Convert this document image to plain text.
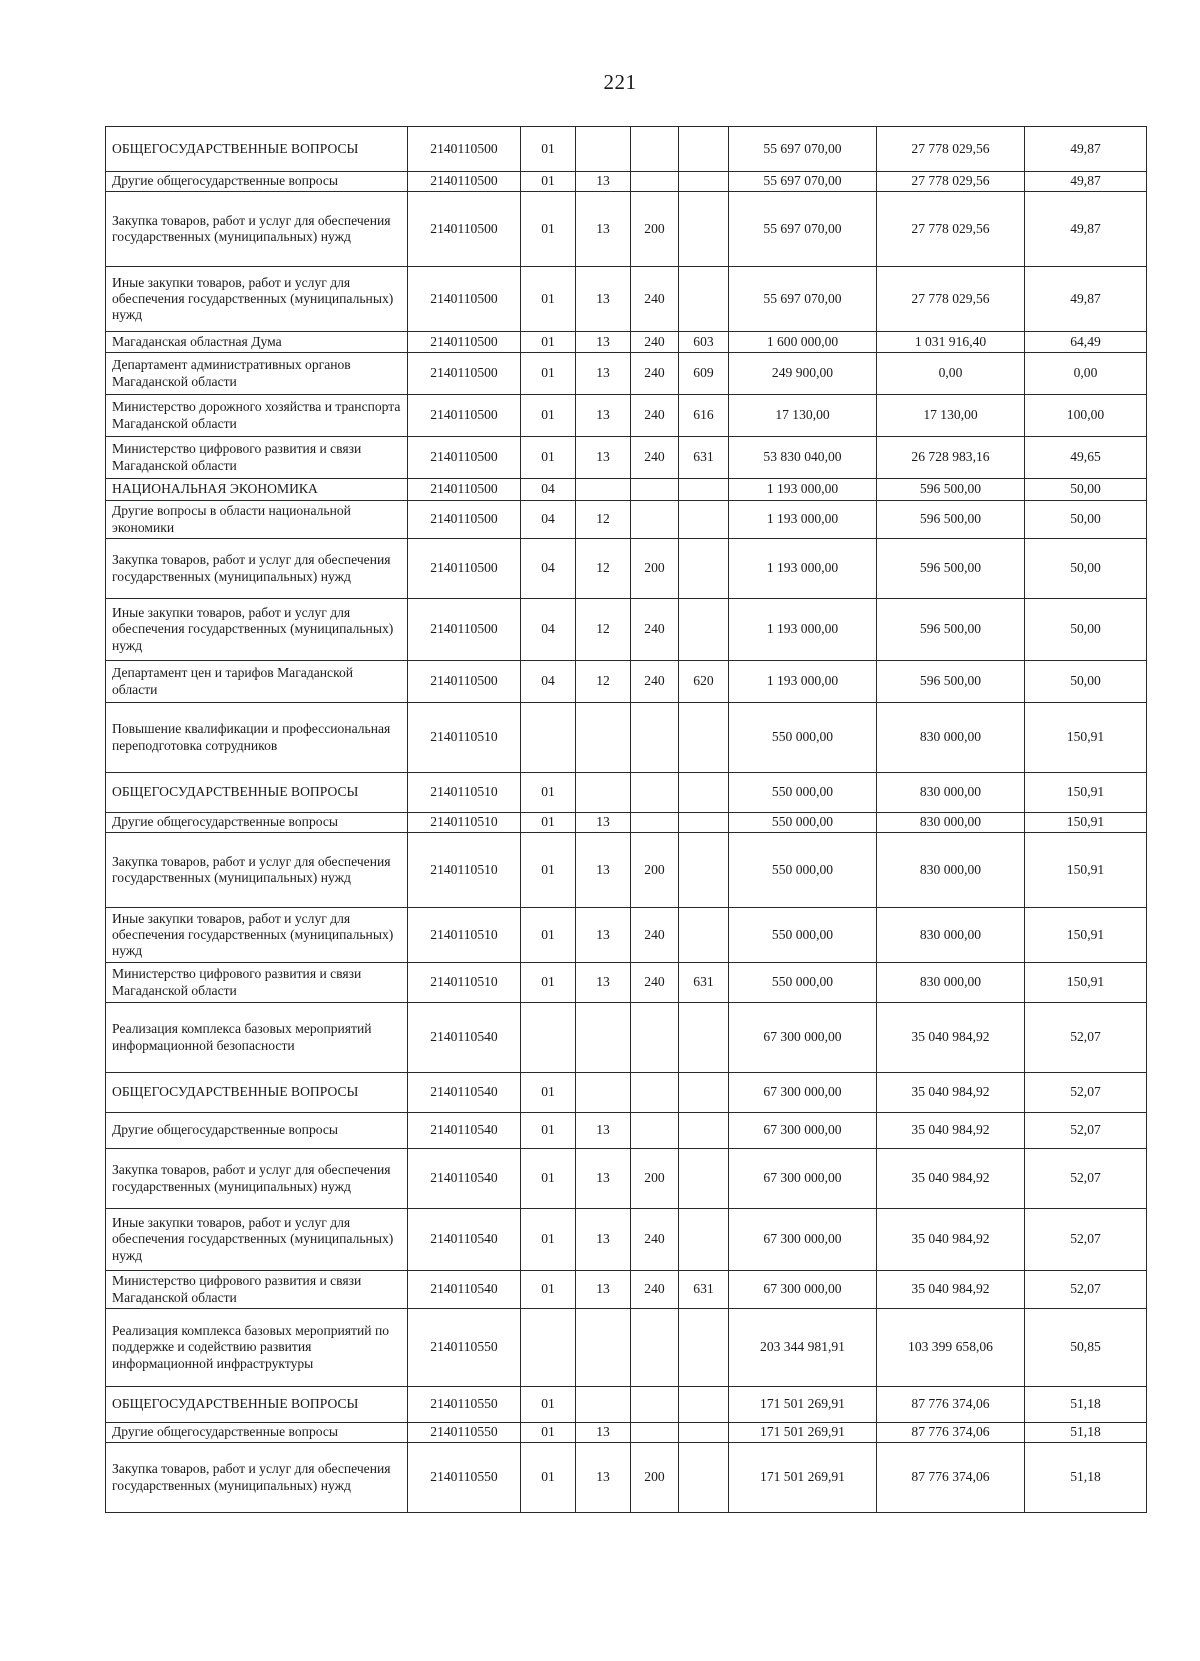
221
ОБЩЕГОСУДАРСТВЕННЫЕ ВОПРОСЫ	2140110500	01				55 697 070,00	27 778 029,56	49,87
Другие общегосударственные вопросы	2140110500	01	13			55 697 070,00	27 778 029,56	49,87
Закупка товаров, работ и услуг для обеспечения государственных (муниципальных) нужд	2140110500	01	13	200		55 697 070,00	27 778 029,56	49,87
Иные закупки товаров, работ и услуг для обеспечения государственных (муниципальных) нужд	2140110500	01	13	240		55 697 070,00	27 778 029,56	49,87
Магаданская областная Дума	2140110500	01	13	240	603	1 600 000,00	1 031 916,40	64,49
Департамент административных органов Магаданской области	2140110500	01	13	240	609	249 900,00	0,00	0,00
Министерство дорожного хозяйства и транспорта Магаданской области	2140110500	01	13	240	616	17 130,00	17 130,00	100,00
Министерство цифрового развития и связи Магаданской области	2140110500	01	13	240	631	53 830 040,00	26 728 983,16	49,65
НАЦИОНАЛЬНАЯ ЭКОНОМИКА	2140110500	04				1 193 000,00	596 500,00	50,00
Другие вопросы в области национальной экономики	2140110500	04	12			1 193 000,00	596 500,00	50,00
Закупка товаров, работ и услуг для обеспечения государственных (муниципальных) нужд	2140110500	04	12	200		1 193 000,00	596 500,00	50,00
Иные закупки товаров, работ и услуг для обеспечения государственных (муниципальных) нужд	2140110500	04	12	240		1 193 000,00	596 500,00	50,00
Департамент цен и тарифов Магаданской области	2140110500	04	12	240	620	1 193 000,00	596 500,00	50,00
Повышение квалификации и профессиональная переподготовка сотрудников	2140110510					550 000,00	830 000,00	150,91
ОБЩЕГОСУДАРСТВЕННЫЕ ВОПРОСЫ	2140110510	01				550 000,00	830 000,00	150,91
Другие общегосударственные вопросы	2140110510	01	13			550 000,00	830 000,00	150,91
Закупка товаров, работ и услуг для обеспечения государственных (муниципальных) нужд	2140110510	01	13	200		550 000,00	830 000,00	150,91
Иные закупки товаров, работ и услуг для обеспечения государственных (муниципальных) нужд	2140110510	01	13	240		550 000,00	830 000,00	150,91
Министерство цифрового развития и связи Магаданской области	2140110510	01	13	240	631	550 000,00	830 000,00	150,91
Реализация комплекса базовых мероприятий информационной безопасности	2140110540					67 300 000,00	35 040 984,92	52,07
ОБЩЕГОСУДАРСТВЕННЫЕ ВОПРОСЫ	2140110540	01				67 300 000,00	35 040 984,92	52,07
Другие общегосударственные вопросы	2140110540	01	13			67 300 000,00	35 040 984,92	52,07
Закупка товаров, работ и услуг для обеспечения государственных (муниципальных) нужд	2140110540	01	13	200		67 300 000,00	35 040 984,92	52,07
Иные закупки товаров, работ и услуг для обеспечения государственных (муниципальных) нужд	2140110540	01	13	240		67 300 000,00	35 040 984,92	52,07
Министерство цифрового развития и связи Магаданской области	2140110540	01	13	240	631	67 300 000,00	35 040 984,92	52,07
Реализация комплекса базовых мероприятий по поддержке и содействию развития информационной инфраструктуры	2140110550					203 344 981,91	103 399 658,06	50,85
ОБЩЕГОСУДАРСТВЕННЫЕ ВОПРОСЫ	2140110550	01				171 501 269,91	87 776 374,06	51,18
Другие общегосударственные вопросы	2140110550	01	13			171 501 269,91	87 776 374,06	51,18
Закупка товаров, работ и услуг для обеспечения государственных (муниципальных) нужд	2140110550	01	13	200		171 501 269,91	87 776 374,06	51,18
